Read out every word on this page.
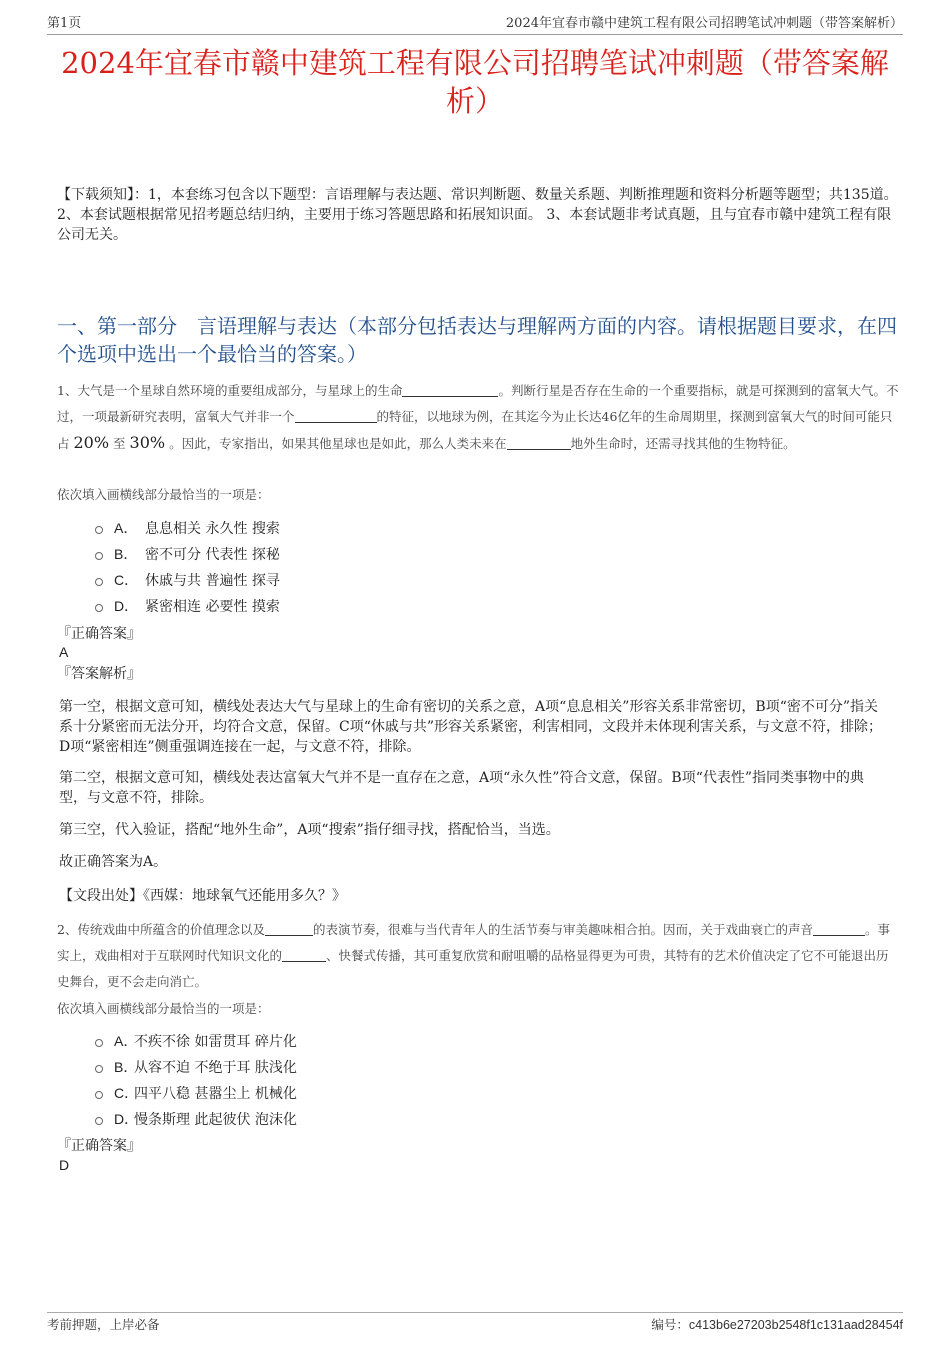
第1页	2024年宜春市赣中建筑工程有限公司招聘笔试冲刺题（带答案解析）
2024年宜春市赣中建筑工程有限公司招聘笔试冲刺题（带答案解析）
【下载须知】：1，本套练习包含以下题型：言语理解与表达题、常识判断题、数量关系题、判断推理题和资料分析题等题型；共135道。 2、本套试题根据常见招考题总结归纳，主要用于练习答题思路和拓展知识面。 3、本套试题非考试真题，且与宜春市赣中建筑工程有限公司无关。
一、第一部分　言语理解与表达（本部分包括表达与理解两方面的内容。请根据题目要求，在四个选项中选出一个最恰当的答案。）
1、大气是一个星球自然环境的重要组成部分，与星球上的生命	。判断行星是否存在生命的一个重要指标，就是可探测到的富氧大气。不过，一项最新研究表明，富氧大气并非一个	的特征，以地球为例，在其迄今为止长达46亿年的生命周期里，探测到富氧大气的时间可能只占 20% 至 30% 。因此，专家指出，如果其他星球也是如此，那么人类未来在	地外生命时，还需寻找其他的生物特征。
依次填入画横线部分最恰当的一项是：
A． 息息相关 永久性 搜索
B． 密不可分 代表性 探秘
C． 休戚与共 普遍性 探寻
D． 紧密相连 必要性 摸索
『正确答案』
A
『答案解析』
第一空，根据文意可知，横线处表达大气与星球上的生命有密切的关系之意，A项“息息相关”形容关系非常密切，B项“密不可分”指关系十分紧密而无法分开，均符合文意，保留。C项“休戚与共”形容关系紧密，利害相同，文段并未体现利害关系，与文意不符，排除；D项“紧密相连”侧重强调连接在一起，与文意不符，排除。
第二空，根据文意可知，横线处表达富氧大气并不是一直存在之意，A项“永久性”符合文意，保留。B项“代表性”指同类事物中的典型，与文意不符，排除。
第三空，代入验证，搭配“地外生命”，A项“搜索”指仔细寻找，搭配恰当，当选。
故正确答案为A。
【文段出处】《西媒：地球氧气还能用多久？》
2、传统戏曲中所蕴含的价值理念以及	的表演节奏，很难与当代青年人的生活节奏与审美趣味相合拍。因而，关于戏曲衰亡的声音	。事实上，戏曲相对于互联网时代知识文化的	、快餐式传播，其可重复欣赏和耐咀嚼的品格显得更为可贵，其特有的艺术价值决定了它不可能退出历史舞台，更不会走向消亡。
依次填入画横线部分最恰当的一项是：
A．
不疾不徐 如雷贯耳 碎片化
B．
从容不迫 不绝于耳 肤浅化
C．
四平八稳 甚嚣尘上 机械化
D．
慢条斯理 此起彼伏 泡沫化
『正确答案』
D
考前押题，上岸必备	编号：c413b6e27203b2548f1c131aad28454f
